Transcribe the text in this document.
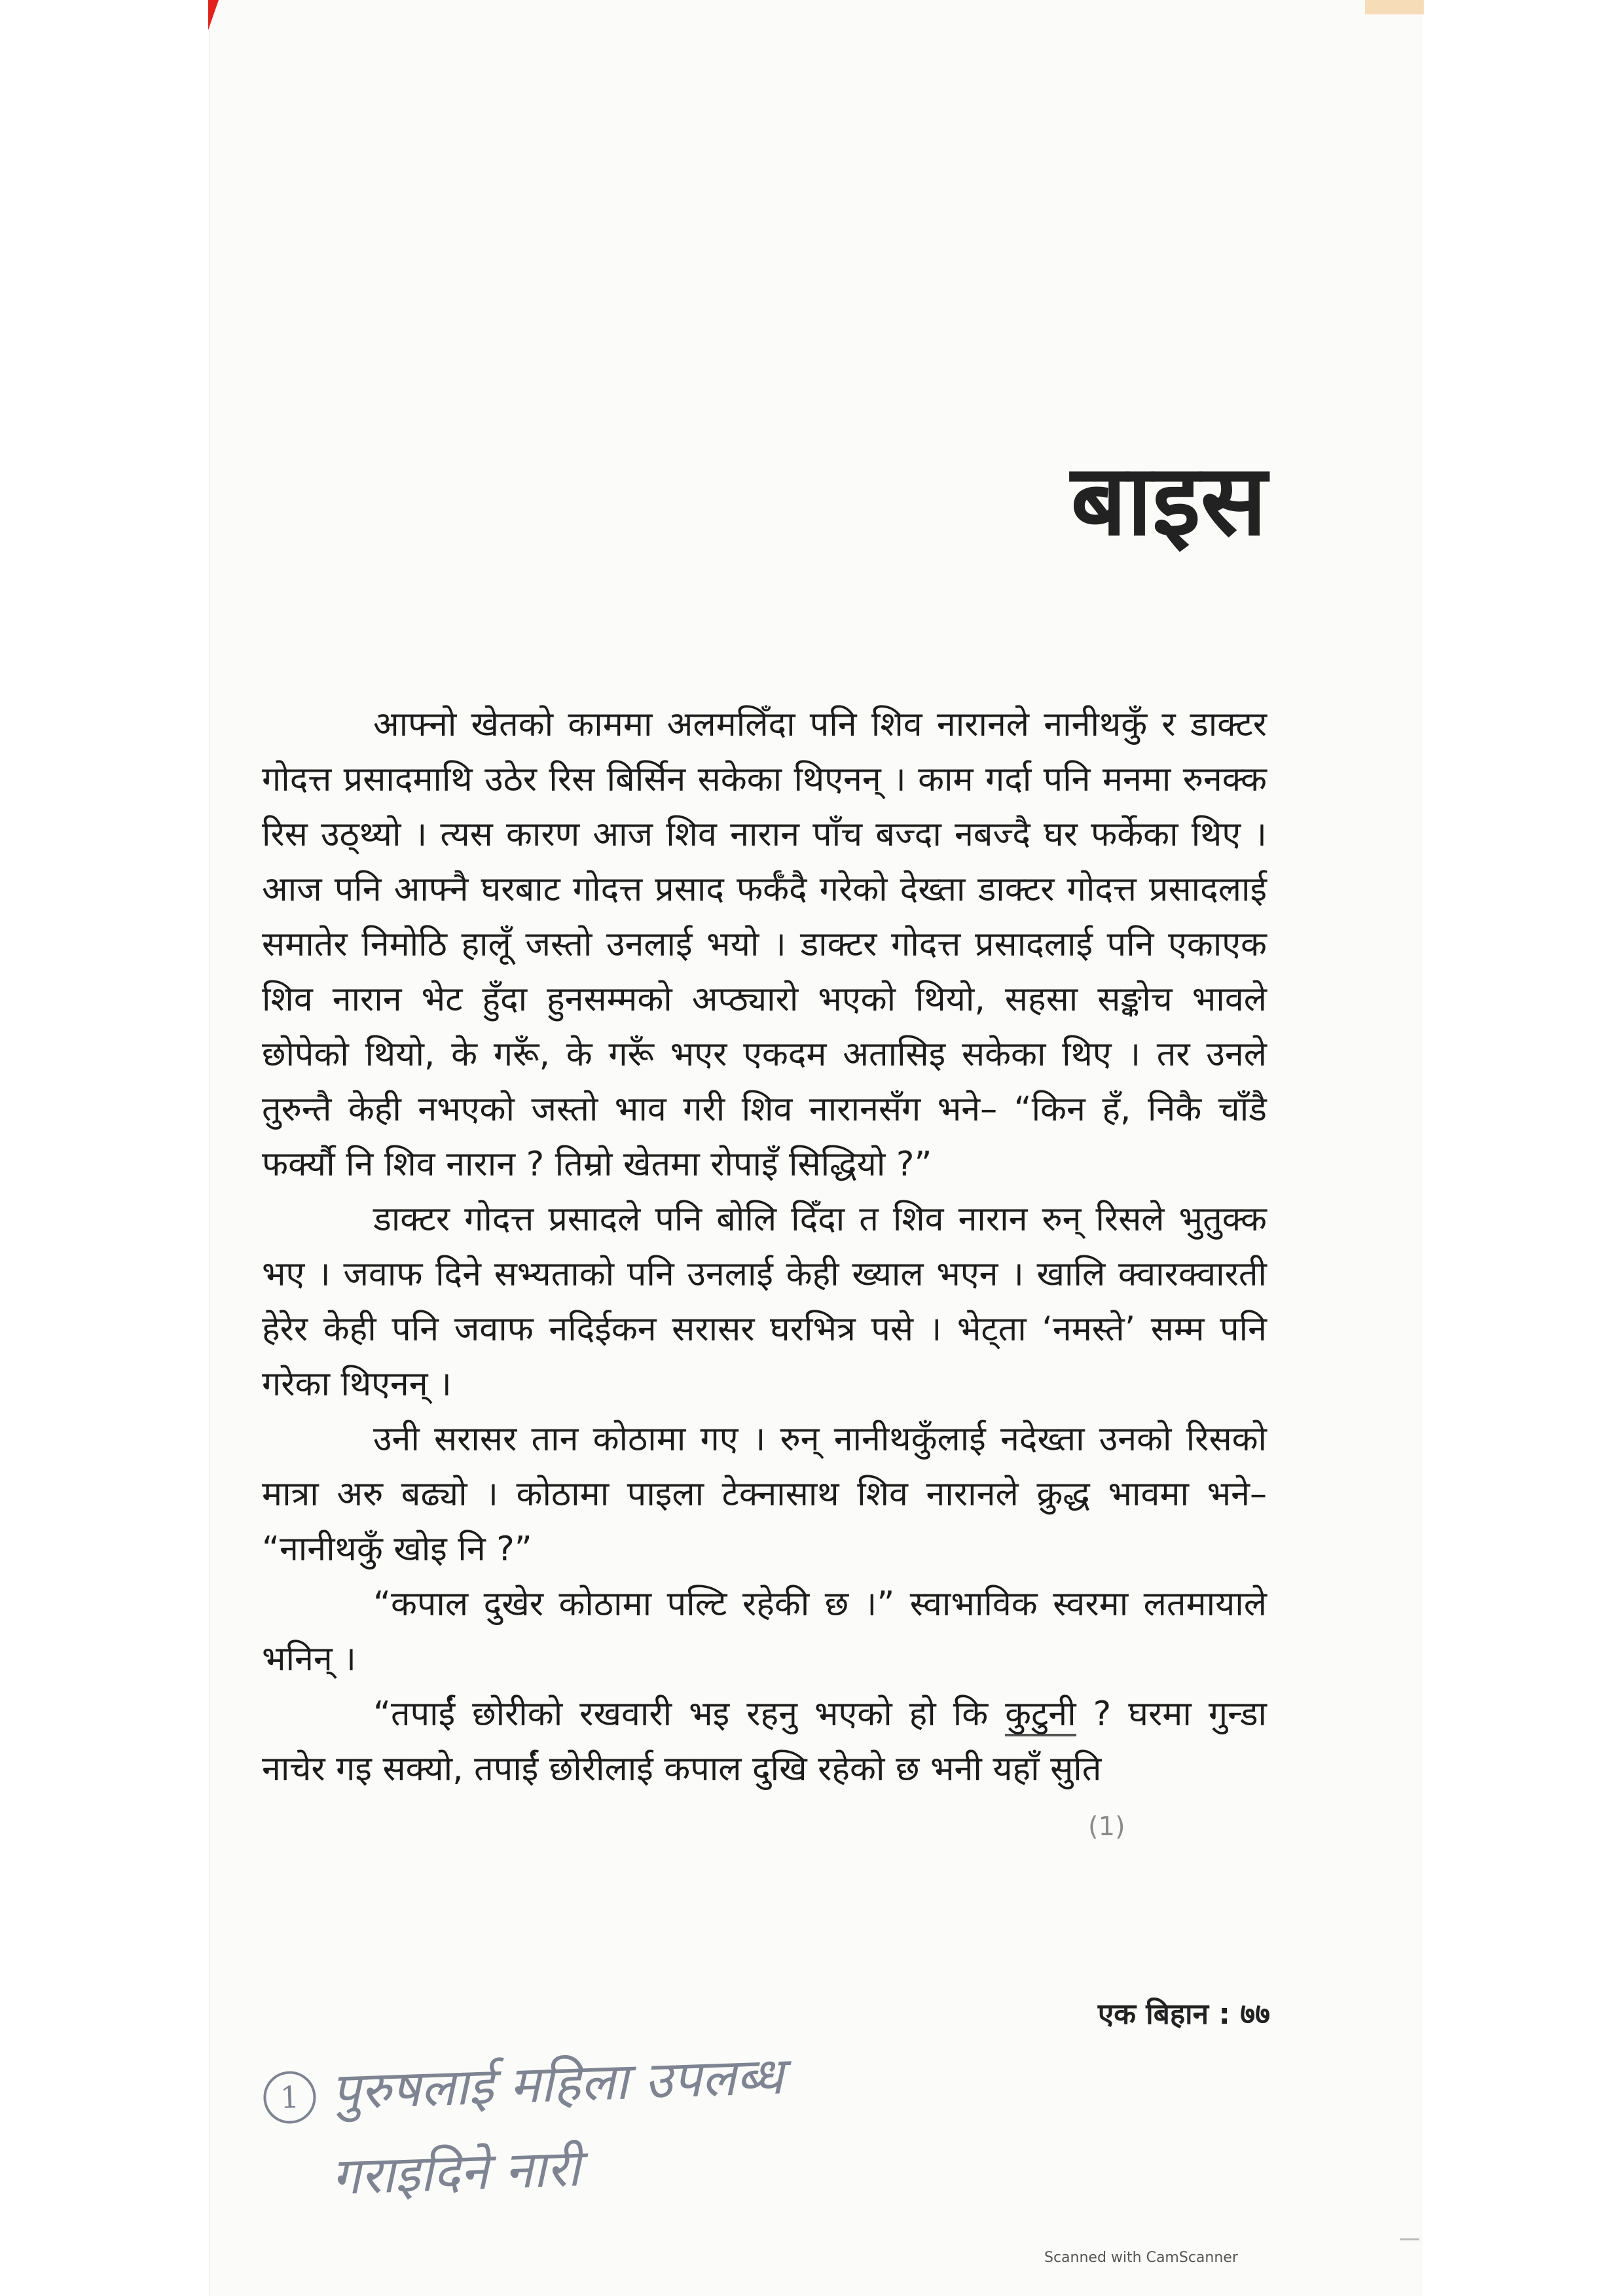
बाइस

आफ्नो खेतको काममा अलमलिँदा पनि शिव नारानले नानीथकुँ र डाक्टर गोदत्त प्रसादमाथि उठेर रिस बिर्सिन सकेका थिएनन् । काम गर्दा पनि मनमा रुनक्क रिस उठ्थ्यो । त्यस कारण आज शिव नारान पाँच बज्दा नबज्दै घर फर्केका थिए । आज पनि आफ्नै घरबाट गोदत्त प्रसाद फर्कँदै गरेको देख्ता डाक्टर गोदत्त प्रसादलाई समातेर निमोठि हालूँ जस्तो उनलाई भयो । डाक्टर गोदत्त प्रसादलाई पनि एकाएक शिव नारान भेट हुँदा हुनसम्मको अप्ठ्यारो भएको थियो, सहसा सङ्कोच भावले छोपेको थियो, के गरूँ, के गरूँ भएर एकदम अतासिइ सकेका थिए । तर उनले तुरुन्तै केही नभएको जस्तो भाव गरी शिव नारानसँग भने– “किन हँ, निकै चाँडै फर्क्यौ नि शिव नारान ? तिम्रो खेतमा रोपाइँ सिद्धियो ?”

डाक्टर गोदत्त प्रसादले पनि बोलि दिँदा त शिव नारान रुन् रिसले भुतुक्क भए । जवाफ दिने सभ्यताको पनि उनलाई केही ख्याल भएन । खालि क्वारक्वारती हेरेर केही पनि जवाफ नदिईकन सरासर घरभित्र पसे । भेट्ता ‘नमस्ते’ सम्म पनि गरेका थिएनन् ।

उनी सरासर तान कोठामा गए । रुन् नानीथकुँलाई नदेख्ता उनको रिसको मात्रा अरु बढ्यो । कोठामा पाइला टेक्नासाथ शिव नारानले क्रुद्ध भावमा भने– “नानीथकुँ खोइ नि ?”

“कपाल दुखेर कोठामा पल्टि रहेकी छ ।” स्वाभाविक स्वरमा लतमायाले भनिन् ।

“तपाईं छोरीको रखवारी भइ रहनु भएको हो कि कुटुनी ? घरमा गुन्डा नाचेर गइ सक्यो, तपाईं छोरीलाई कपाल दुखि रहेको छ भनी यहाँ सुति

(1)
एक बिहान : ७७
1 पुरुषलाई महिला उपलब्ध
गराइदिने नारी
Scanned with CamScanner
